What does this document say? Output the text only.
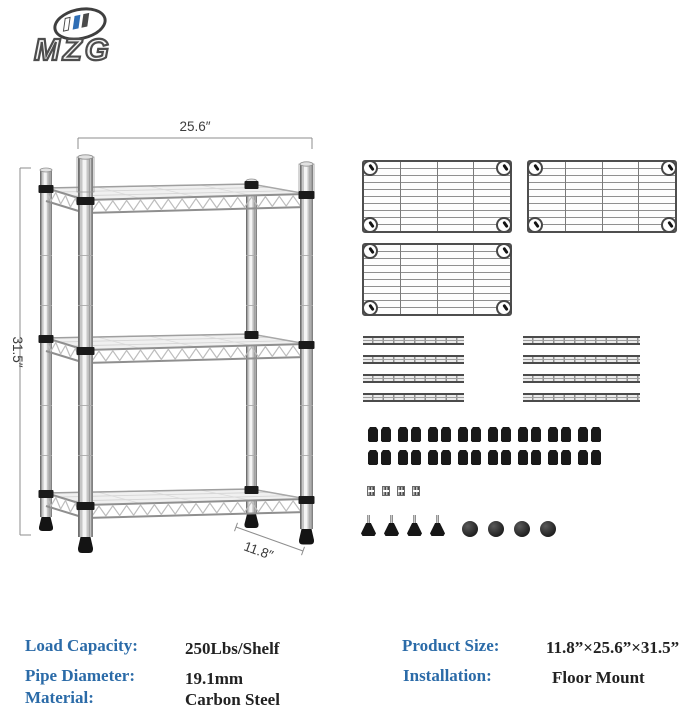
MZG
25.6″
31.5″
11.8″
Load Capacity:	250Lbs/Shelf
Pipe Diameter:	19.1mm
Material:	Carbon Steel
Product Size:	11.8”×25.6”×31.5”
Installation:	Floor Mount
